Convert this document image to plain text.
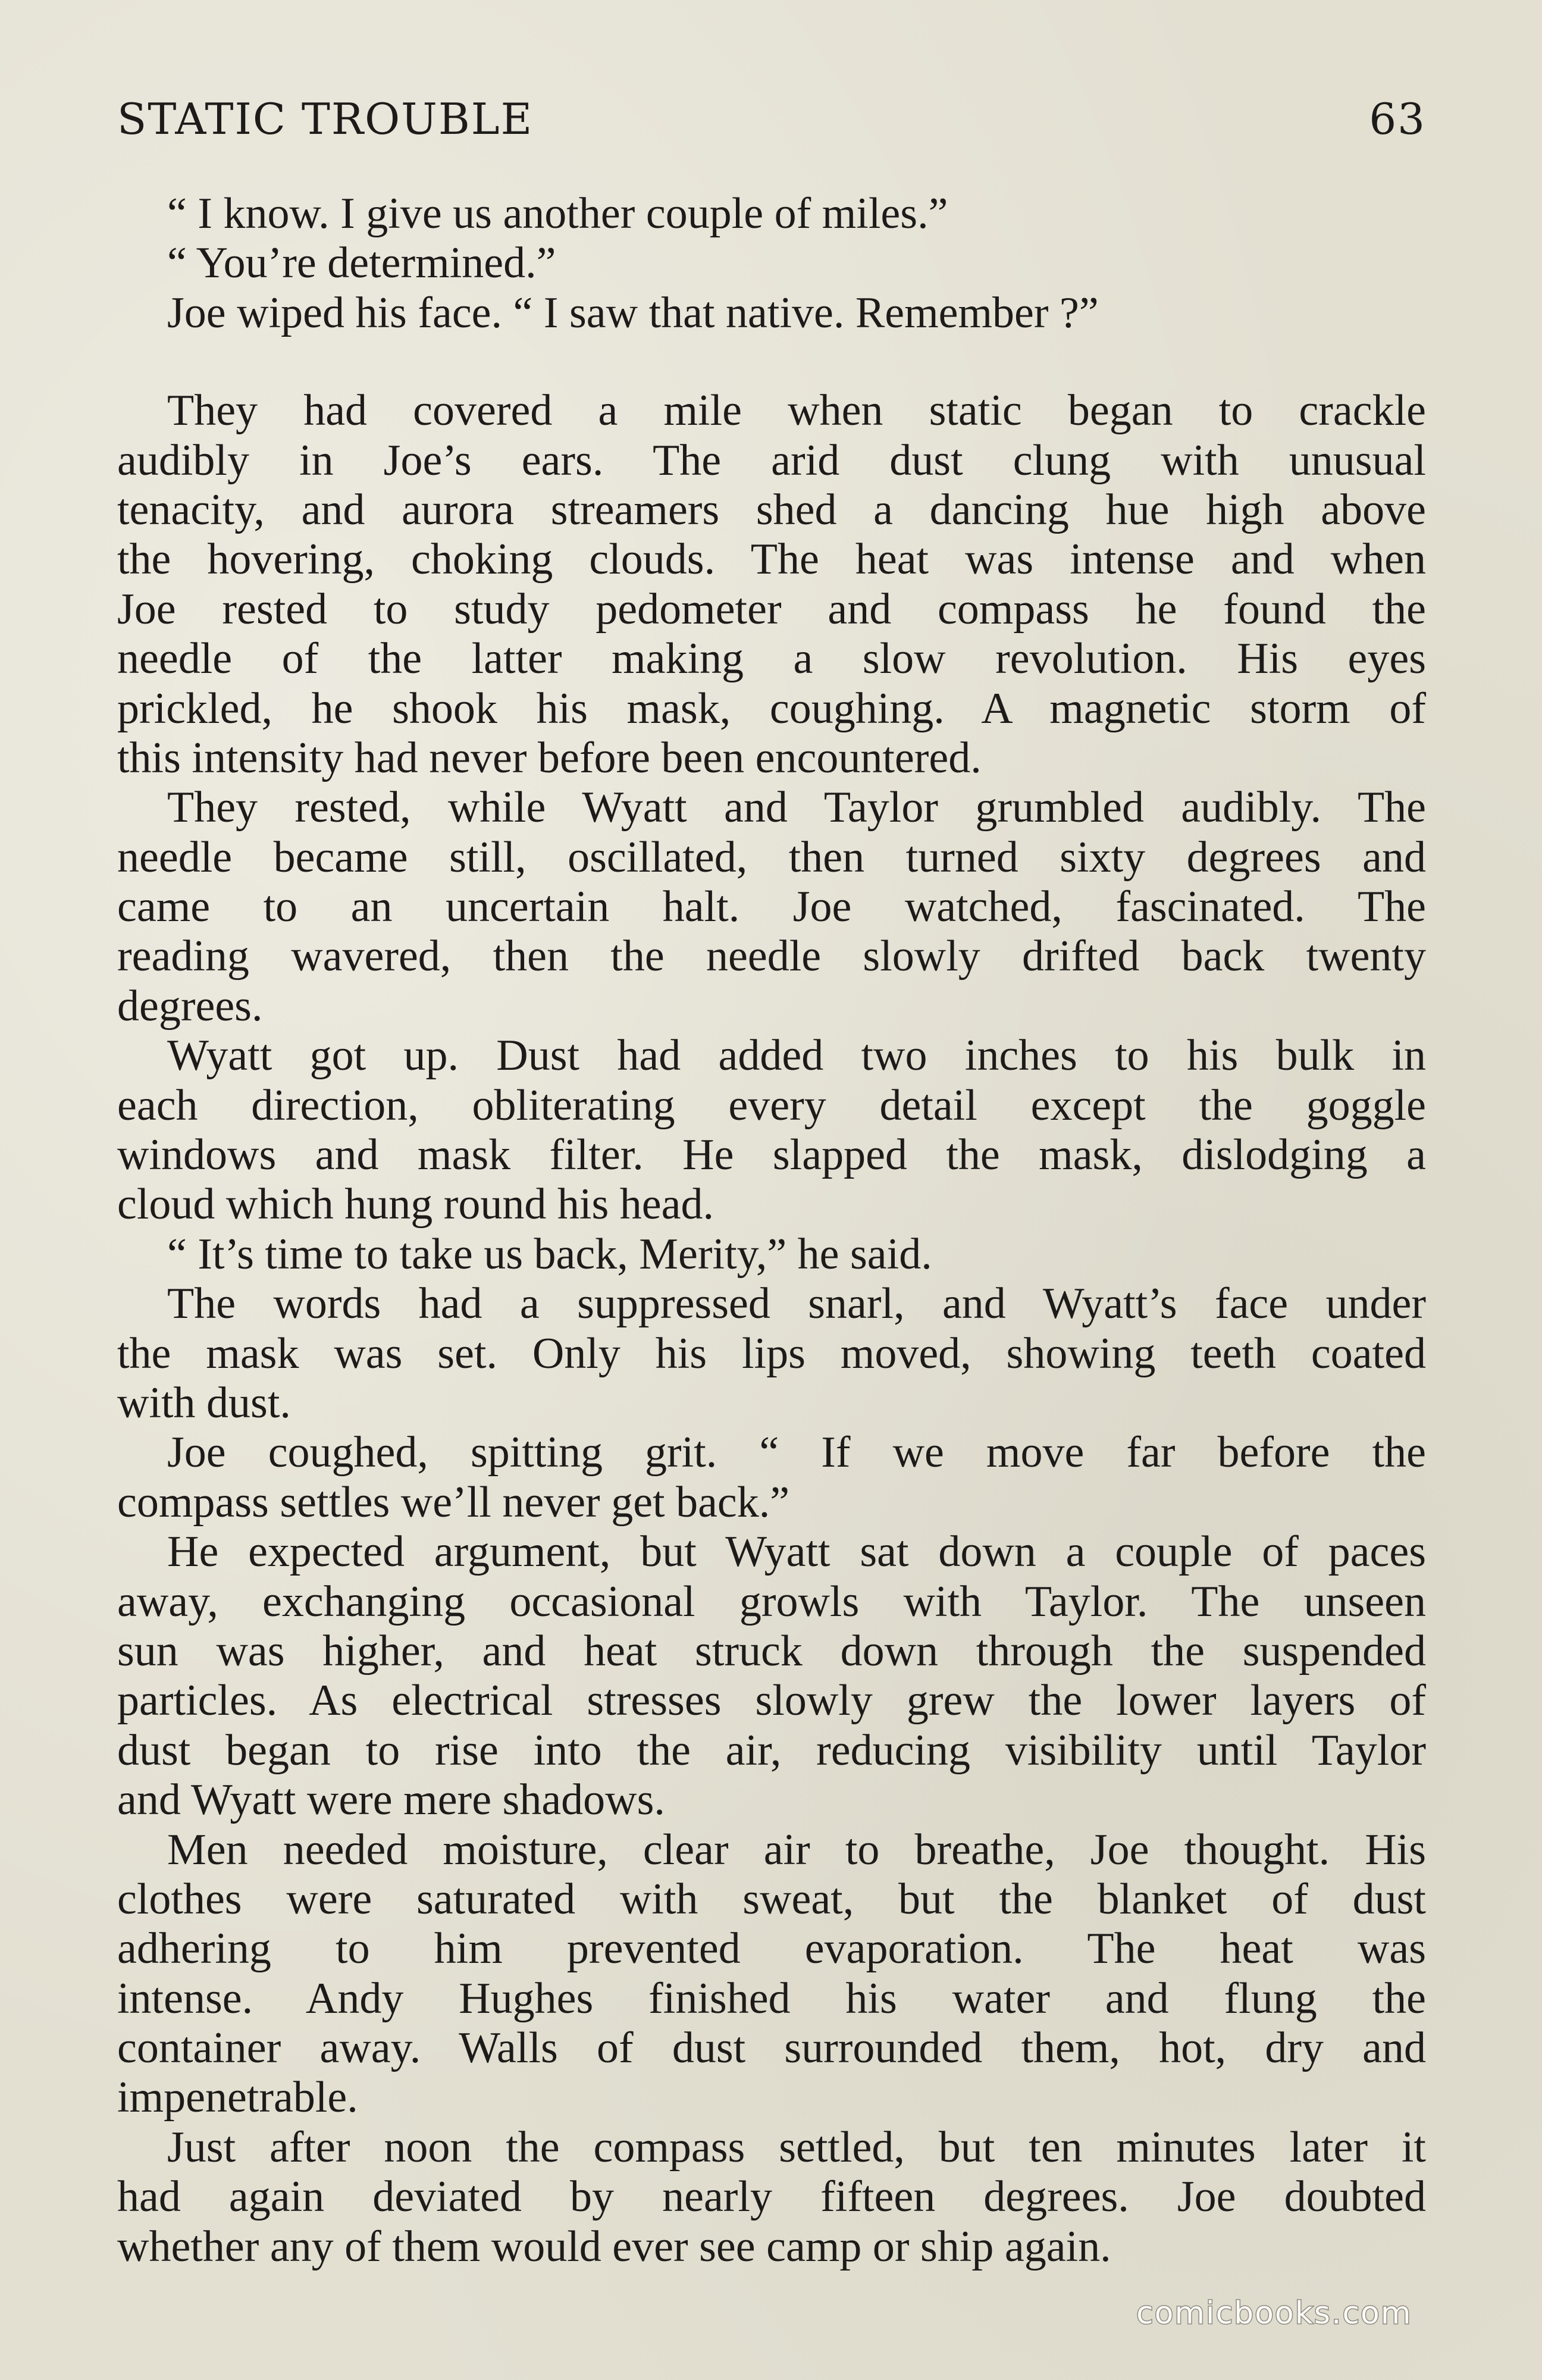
STATIC TROUBLE	63
“ I know. I give us another couple of miles.”
“ You’re determined.”
Joe wiped his face. “ I saw that native. Remember ?”
They had covered a mile when static began to crackle
audibly in Joe’s ears. The arid dust clung with unusual
tenacity, and aurora streamers shed a dancing hue high above
the hovering, choking clouds. The heat was intense and when
Joe rested to study pedometer and compass he found the
needle of the latter making a slow revolution. His eyes
prickled, he shook his mask, coughing. A magnetic storm of
this intensity had never before been encountered.
They rested, while Wyatt and Taylor grumbled audibly. The
needle became still, oscillated, then turned sixty degrees and
came to an uncertain halt. Joe watched, fascinated. The
reading wavered, then the needle slowly drifted back twenty
degrees.
Wyatt got up. Dust had added two inches to his bulk in
each direction, obliterating every detail except the goggle
windows and mask filter. He slapped the mask, dislodging a
cloud which hung round his head.
“ It’s time to take us back, Merity,” he said.
The words had a suppressed snarl, and Wyatt’s face under
the mask was set. Only his lips moved, showing teeth coated
with dust.
Joe coughed, spitting grit. “ If we move far before the
compass settles we’ll never get back.”
He expected argument, but Wyatt sat down a couple of paces
away, exchanging occasional growls with Taylor. The unseen
sun was higher, and heat struck down through the suspended
particles. As electrical stresses slowly grew the lower layers of
dust began to rise into the air, reducing visibility until Taylor
and Wyatt were mere shadows.
Men needed moisture, clear air to breathe, Joe thought. His
clothes were saturated with sweat, but the blanket of dust
adhering to him prevented evaporation. The heat was
intense. Andy Hughes finished his water and flung the
container away. Walls of dust surrounded them, hot, dry and
impenetrable.
Just after noon the compass settled, but ten minutes later it
had again deviated by nearly fifteen degrees. Joe doubted
whether any of them would ever see camp or ship again.
comicbooks.com
